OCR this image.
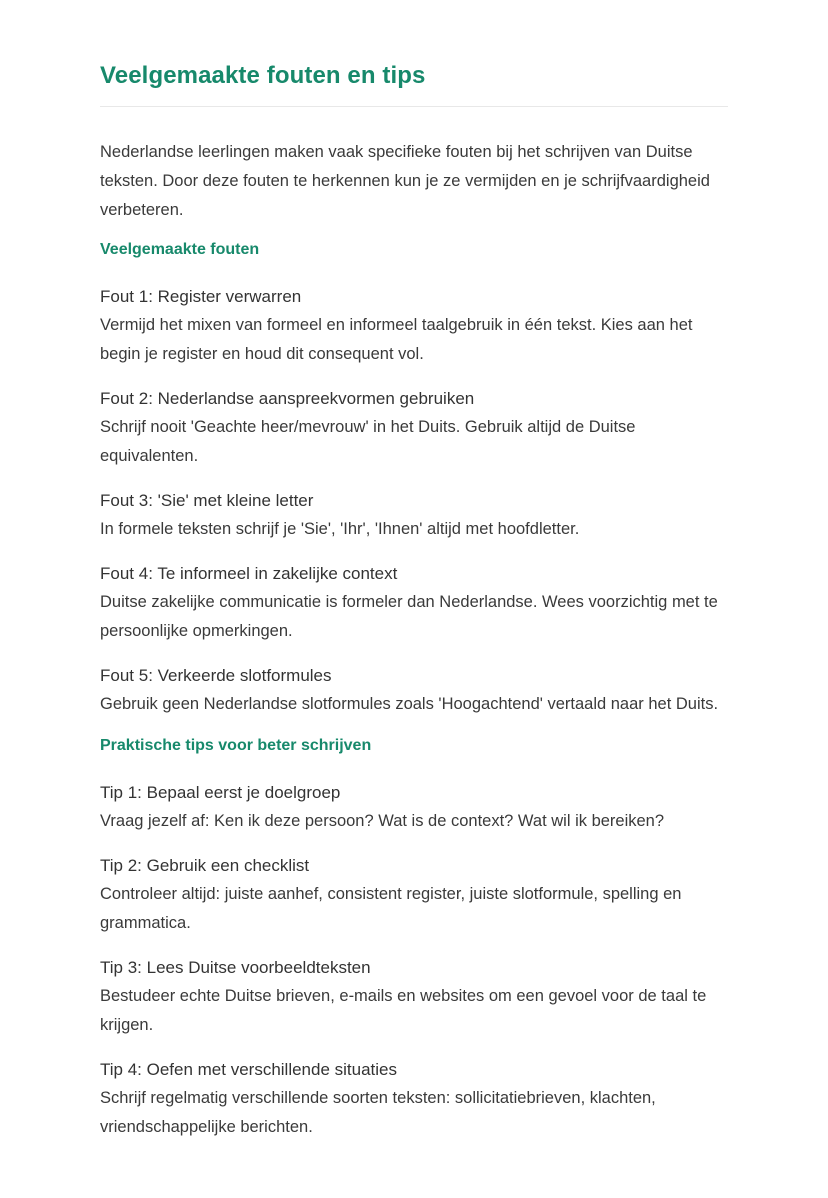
Veelgemaakte fouten en tips

Nederlandse leerlingen maken vaak specifieke fouten bij het schrijven van Duitse teksten. Door deze fouten te herkennen kun je ze vermijden en je schrijfvaardigheid verbeteren.

Veelgemaakte fouten

Fout 1: Register verwarren

Vermijd het mixen van formeel en informeel taalgebruik in één tekst. Kies aan het begin je register en houd dit consequent vol.

Fout 2: Nederlandse aanspreekvormen gebruiken

Schrijf nooit 'Geachte heer/mevrouw' in het Duits. Gebruik altijd de Duitse equivalenten.

Fout 3: 'Sie' met kleine letter

In formele teksten schrijf je 'Sie', 'Ihr', 'Ihnen' altijd met hoofdletter.

Fout 4: Te informeel in zakelijke context

Duitse zakelijke communicatie is formeler dan Nederlandse. Wees voorzichtig met te persoonlijke opmerkingen.

Fout 5: Verkeerde slotformules

Gebruik geen Nederlandse slotformules zoals 'Hoogachtend' vertaald naar het Duits.

Praktische tips voor beter schrijven

Tip 1: Bepaal eerst je doelgroep

Vraag jezelf af: Ken ik deze persoon? Wat is de context? Wat wil ik bereiken?

Tip 2: Gebruik een checklist

Controleer altijd: juiste aanhef, consistent register, juiste slotformule, spelling en grammatica.

Tip 3: Lees Duitse voorbeeldteksten

Bestudeer echte Duitse brieven, e-mails en websites om een gevoel voor de taal te krijgen.

Tip 4: Oefen met verschillende situaties

Schrijf regelmatig verschillende soorten teksten: sollicitatiebrieven, klachten, vriendschappelijke berichten.
